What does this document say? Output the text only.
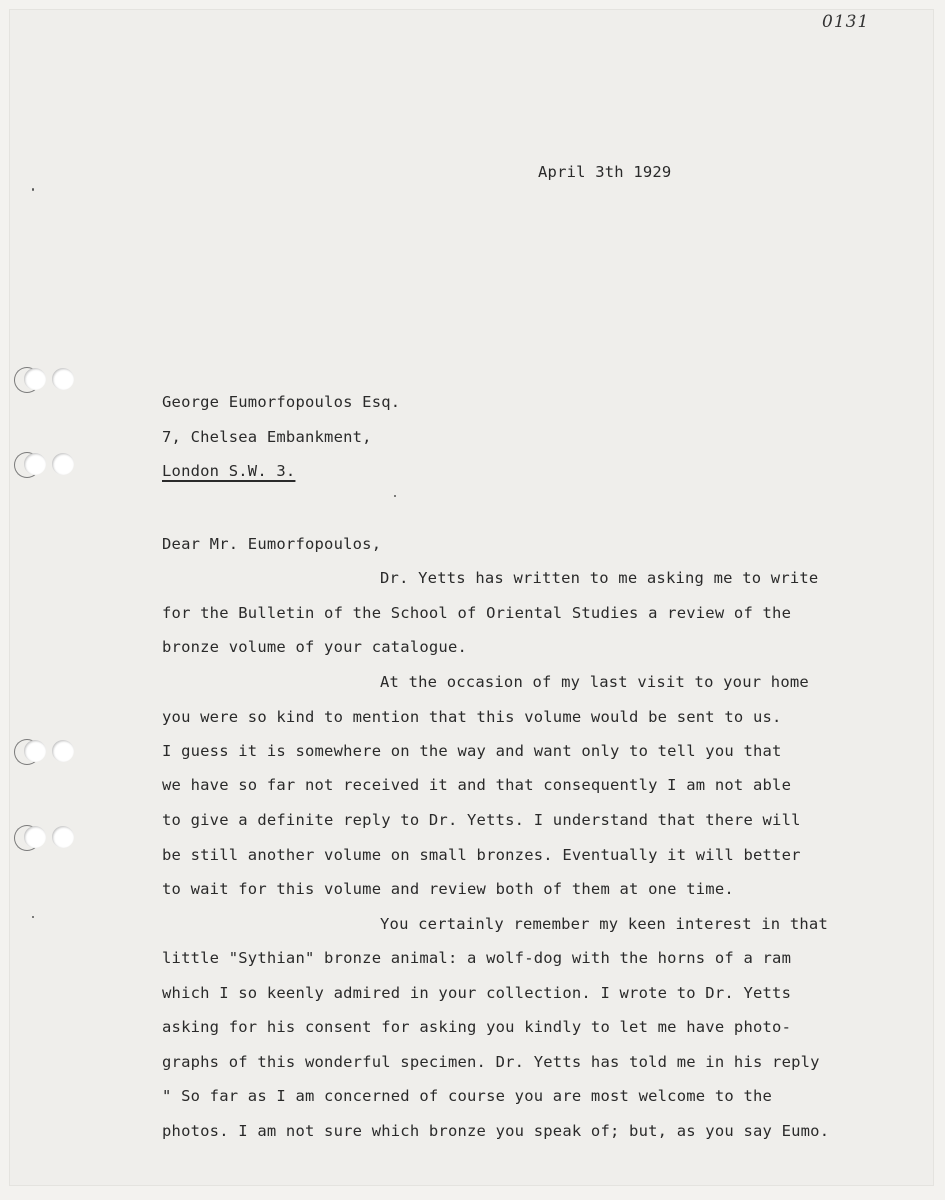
0131
April 3th 1929
George Eumorfopoulos Esq.
7, Chelsea Embankment,
London S.W. 3.
Dear Mr. Eumorfopoulos,
Dr. Yetts has written to me asking me to write
for the Bulletin of the School of Oriental Studies a review of the
bronze volume of your catalogue.
At the occasion of my last visit to your home
you were so kind to mention that this volume would be sent to us.
I guess it is somewhere on the way and want only to tell you that
we have so far not received it and that consequently I am not able
to give a definite reply to Dr. Yetts. I understand that there will
be still another volume on small bronzes. Eventually it will better
to wait for this volume and review both of them at one time.
You certainly remember my keen interest in that
little "Sythian" bronze animal: a wolf-dog with the horns of a ram
which I so keenly admired in your collection. I wrote to Dr. Yetts
asking for his consent for asking you kindly to let me have photo-
graphs of this wonderful specimen. Dr. Yetts has told me in his reply
" So far as I am concerned of course you are most welcome to the
photos. I am not sure which bronze you speak of; but, as you say Eumo.
